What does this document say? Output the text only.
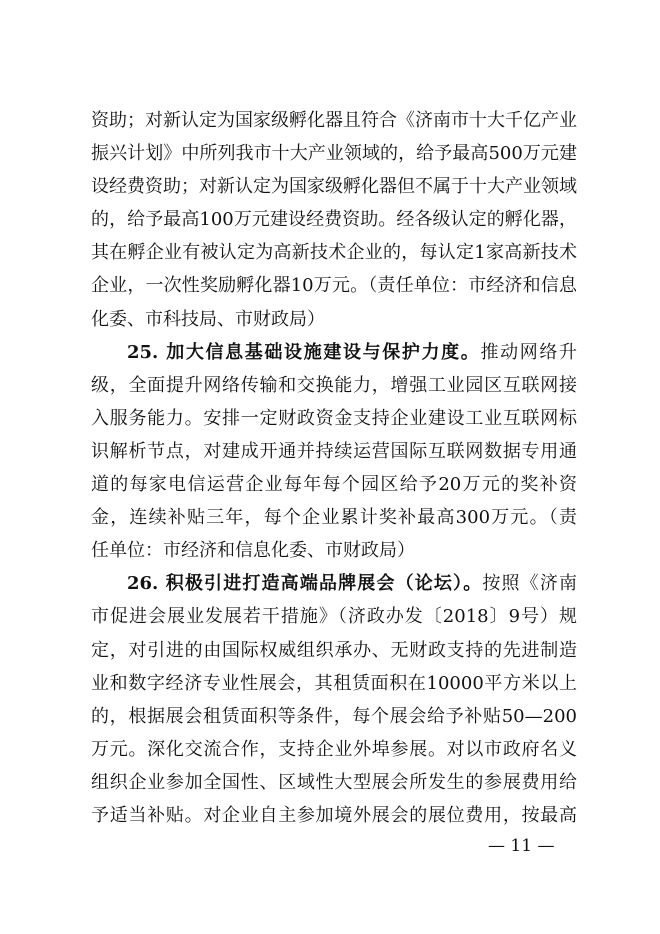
资助；对新认定为国家级孵化器且符合《济南市十大千亿产业
振兴计划》中所列我市十大产业领域的，给予最高500万元建
设经费资助；对新认定为国家级孵化器但不属于十大产业领域
的，给予最高100万元建设经费资助。经各级认定的孵化器，
其在孵企业有被认定为高新技术企业的，每认定1家高新技术
企业，一次性奖励孵化器10万元。（责任单位：市经济和信息
化委、市科技局、市财政局）
25. 加大信息基础设施建设与保护力度。推动网络升
级，全面提升网络传输和交换能力，增强工业园区互联网接
入服务能力。安排一定财政资金支持企业建设工业互联网标
识解析节点，对建成开通并持续运营国际互联网数据专用通
道的每家电信运营企业每年每个园区给予20万元的奖补资
金，连续补贴三年，每个企业累计奖补最高300万元。（责
任单位：市经济和信息化委、市财政局）
26. 积极引进打造高端品牌展会（论坛）。按照《济南
市促进会展业发展若干措施》（济政办发〔2018〕9号）规
定，对引进的由国际权威组织承办、无财政支持的先进制造
业和数字经济专业性展会，其租赁面积在10000平方米以上
的，根据展会租赁面积等条件，每个展会给予补贴50—200
万元。深化交流合作，支持企业外埠参展。对以市政府名义
组织企业参加全国性、区域性大型展会所发生的参展费用给
予适当补贴。对企业自主参加境外展会的展位费用，按最高
— 11 —
